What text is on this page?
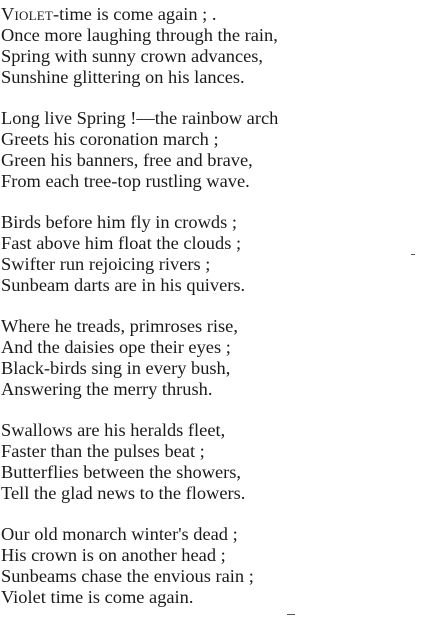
Violet-time is come again ; .
Once more laughing through the rain,
Spring with sunny crown advances,
Sunshine glittering on his lances.
Long live Spring !—the rainbow arch
Greets his coronation march ;
Green his banners, free and brave,
From each tree-top rustling wave.
Birds before him fly in crowds ;
Fast above him float the clouds ;
Swifter run rejoicing rivers ;
Sunbeam darts are in his quivers.
Where he treads, primroses rise,
And the daisies ope their eyes ;
Black-birds sing in every bush,
Answering the merry thrush.
Swallows are his heralds fleet,
Faster than the pulses beat ;
Butterflies between the showers,
Tell the glad news to the flowers.
Our old monarch winter's dead ;
His crown is on another head ;
Sunbeams chase the envious rain ;
Violet time is come again.
